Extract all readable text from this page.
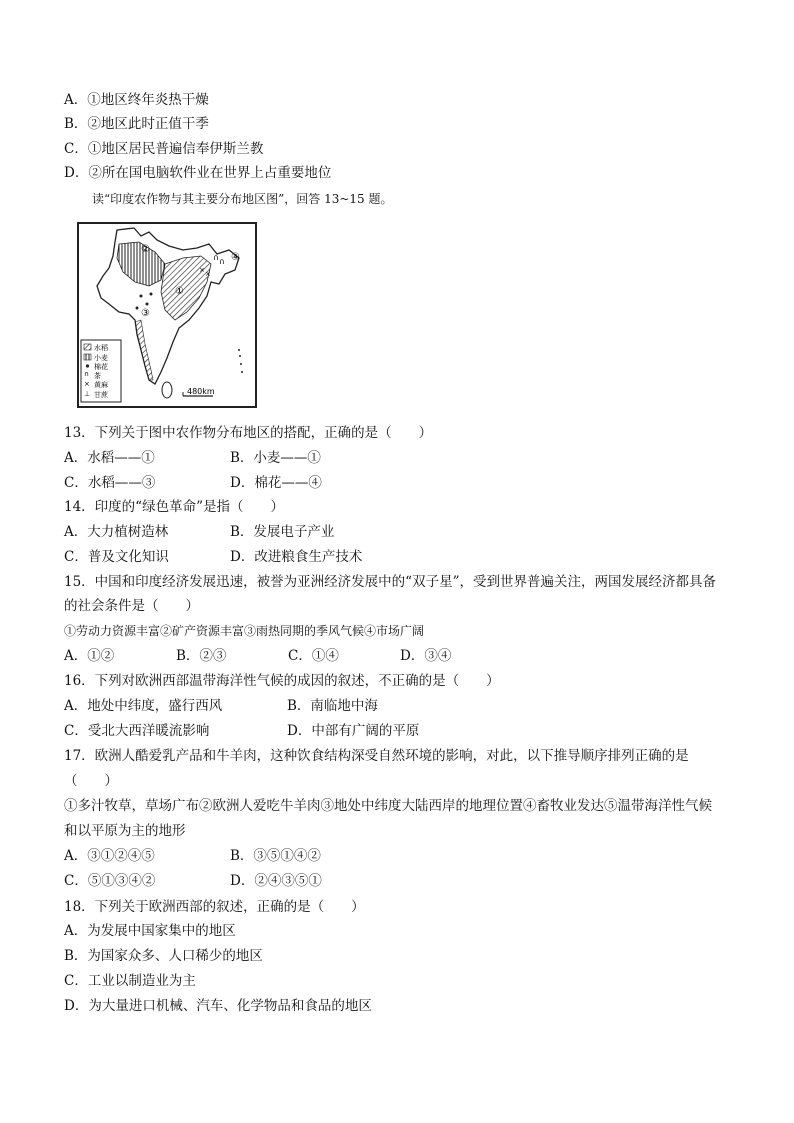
A．①地区终年炎热干燥
B．②地区此时正值干季
C．①地区居民普遍信奉伊斯兰教
D．②所在国电脑软件业在世界上占重要地位
读“印度农作物与其主要分布地区图”，回答 13~15 题。
∩
∩
×
×
②
①
③
④
∩
×
⊥
水稻
小麦
棉花
茶
黄麻
甘蔗	480km
13．下列关于图中农作物分布地区的搭配，正确的是（　　）
A．水稻——①	B．小麦——①
C．水稻——③	D．棉花——④
14．印度的“绿色革命”是指（　　）
A．大力植树造林	B．发展电子产业
C．普及文化知识	D．改进粮食生产技术
15．中国和印度经济发展迅速，被誉为亚洲经济发展中的“双子星”，受到世界普遍关注，两国发展经济都具备
的社会条件是（　　）
①劳动力资源丰富②矿产资源丰富③雨热同期的季风气候④市场广阔
A．①②	B．②③	C．①④	D．③④
16．下列对欧洲西部温带海洋性气候的成因的叙述，不正确的是（　　）
A．地处中纬度，盛行西风	B．南临地中海
C．受北大西洋暖流影响	D．中部有广阔的平原
17．欧洲人酷爱乳产品和牛羊肉，这种饮食结构深受自然环境的影响，对此，以下推导顺序排列正确的是
（　　）
①多汁牧草，草场广布②欧洲人爱吃牛羊肉③地处中纬度大陆西岸的地理位置④畜牧业发达⑤温带海洋性气候
和以平原为主的地形
A．③①②④⑤	B．③⑤①④②
C．⑤①③④②	D．②④③⑤①
18．下列关于欧洲西部的叙述，正确的是（　　）
A．为发展中国家集中的地区
B．为国家众多、人口稀少的地区
C．工业以制造业为主
D．为大量进口机械、汽车、化学物品和食品的地区
